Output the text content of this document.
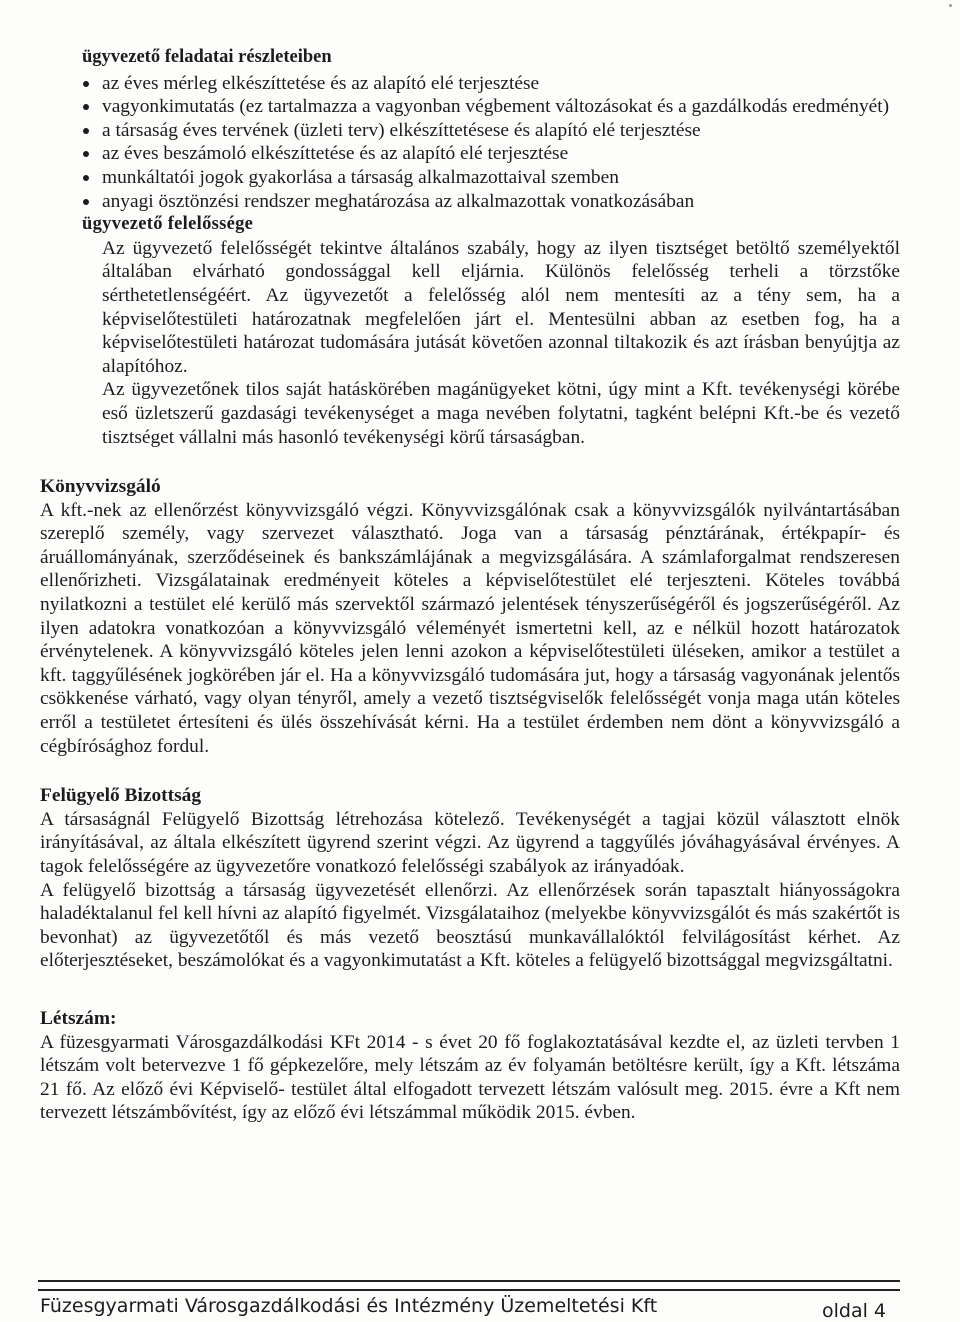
ügyvezető feladatai részleteiben
az éves mérleg elkészíttetése és az alapító elé terjesztése
vagyonkimutatás (ez tartalmazza a vagyonban végbement változásokat és a gazdálkodás eredményét)
a társaság éves tervének (üzleti terv) elkészíttetésese és alapító elé terjesztése
az éves beszámoló elkészíttetése és az alapító elé terjesztése
munkáltatói jogok gyakorlása a társaság alkalmazottaival szemben
anyagi ösztönzési rendszer meghatározása az alkalmazottak vonatkozásában
ügyvezető felelőssége

Az ügyvezető felelősségét tekintve általános szabály, hogy az ilyen tisztséget betöltő személyektől általában elvárható gondossággal kell eljárnia. Különös felelősség terheli a törzstőke sérthetetlenségéért. Az ügyvezetőt a felelősség alól nem mentesíti az a tény sem, ha a képviselőtestületi határozatnak megfelelően járt el. Mentesülni abban az esetben fog, ha a képviselőtestületi határozat tudomására jutását követően azonnal tiltakozik és azt írásban benyújtja az alapítóhoz.

Az ügyvezetőnek tilos saját hatáskörében magánügyeket kötni, úgy mint a Kft. tevékenységi körébe eső üzletszerű gazdasági tevékenységet a maga nevében folytatni, tagként belépni Kft.-be és vezető tisztséget vállalni más hasonló tevékenységi körű társaságban.

Könyvvizsgáló

A kft.-nek az ellenőrzést könyvvizsgáló végzi. Könyvvizsgálónak csak a könyvvizsgálók nyilvántartásában szereplő személy, vagy szervezet választható. Joga van a társaság pénztárának, értékpapír- és áruállományának, szerződéseinek és bankszámlájának a megvizsgálására. A számlaforgalmat rendszeresen ellenőrizheti. Vizsgálatainak eredményeit köteles a képviselőtestület elé terjeszteni. Köteles továbbá nyilatkozni a testület elé kerülő más szervektől származó jelentések tényszerűségéről és jogszerűségéről. Az ilyen adatokra vonatkozóan a könyvvizsgáló véleményét ismertetni kell, az e nélkül hozott határozatok érvénytelenek. A könyvvizsgáló köteles jelen lenni azokon a képviselőtestületi üléseken, amikor a testület a kft. taggyűlésének jogkörében jár el. Ha a könyvvizsgáló tudomására jut, hogy a társaság vagyonának jelentős csökkenése várható, vagy olyan tényről, amely a vezető tisztségviselők felelősségét vonja maga után köteles erről a testületet értesíteni és ülés összehívását kérni. Ha a testület érdemben nem dönt a könyvvizsgáló a cégbírósághoz fordul.

Felügyelő Bizottság

A társaságnál Felügyelő Bizottság létrehozása kötelező. Tevékenységét a tagjai közül választott elnök irányításával, az általa elkészített ügyrend szerint végzi. Az ügyrend a taggyűlés jóváhagyásával érvényes. A tagok felelősségére az ügyvezetőre vonatkozó felelősségi szabályok az irányadóak.

A felügyelő bizottság a társaság ügyvezetését ellenőrzi. Az ellenőrzések során tapasztalt hiányosságokra haladéktalanul fel kell hívni az alapító figyelmét. Vizsgálataihoz (melyekbe könyvvizsgálót és más szakértőt is bevonhat) az ügyvezetőtől és más vezető beosztású munkavállalóktól felvilágosítást kérhet. Az előterjesztéseket, beszámolókat és a vagyonkimutatást a Kft. köteles a felügyelő bizottsággal megvizsgáltatni.

Létszám:

A füzesgyarmati Városgazdálkodási KFt 2014 - s évet 20 fő foglakoztatásával kezdte el, az üzleti tervben 1 létszám volt betervezve 1 fő gépkezelőre, mely létszám az év folyamán betöltésre került, így a Kft. létszáma 21 fő. Az előző évi Képviselő- testület által elfogadott tervezett létszám valósult meg. 2015. évre a Kft nem tervezett létszámbővítést, így az előző évi létszámmal működik 2015. évben.

Füzesgyarmati Városgazdálkodási és Intézmény Üzemeltetési Kft	oldal 4
